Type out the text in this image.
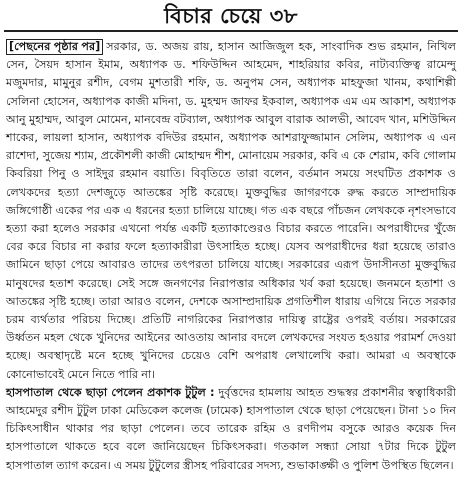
বিচার চেয়ে ৩৮

[পেছনের পৃষ্ঠার পর] সরকার, ড. অজয় রায়, হাসান আজিজুল হক, সাংবাদিক শুভ রহমান, নিখিল সেন, সৈয়দ হাসান ইমাম, অধ্যাপক ড. শফিউদ্দিন আহমেদ, শাহরিয়ার কবির, নাট্যব্যক্তিত্ব রামেন্দু মজুমদার, মামুনুর রশীদ, বেগম মুশতারী শফি, ড. অনুপম সেন, অধ্যাপক মাহফুজা খানম, কথাশিল্পী সেলিনা হোসেন, অধ্যাপক কাজী মদিনা, ড. মুহম্মদ জাফর ইকবাল, অধ্যাপক এম এম আকাশ, অধ্যাপক আনু মুহাম্মদ, আবুল মোমেন, মানবেন্দ্র বটব্যাল, অধ্যাপক আবুল বারাক আলভী, আবেদ খান, মশিউদ্দিন শাকের, লায়লা হাসান, অধ্যাপক বদিউর রহমান, অধ্যাপক আশরাফুজ্জামান সেলিম, অধ্যাপক এ এন রাশেদা, সুজেয় শ্যাম, প্রকৌশলী কাজী মোহাম্মদ শীশ, মোনায়েম সরকার, কবি এ কে শেরাম, কবি গোলাম কিবরিয়া পিনু ও সাইদুর রহমান বয়াতি। বিবৃতিতে তারা বলেন, বর্তমান সময়ে সংঘটিত প্রকাশক ও লেখকদের হত্যা দেশজুড়ে আতঙ্কের সৃষ্টি করেছে। মুক্তবুদ্ধির জাগরণকে রুদ্ধ করতে সাম্প্রদায়িক জঙ্গিগোষ্ঠী একের পর এক এ ধরনের হত্যা চালিয়ে যাচ্ছে। গত এক বছরে পাঁচজন লেখককে নৃশংসভাবে হত্যা করা হলেও সরকার এখনো পর্যন্ত একটি হত্যাকাণ্ডেরও বিচার করতে পারেনি। অপরাধীদের খুঁজে বের করে বিচার না করার ফলে হত্যাকারীরা উৎসাহিত হচ্ছে। যেসব অপরাধীদের ধরা হয়েছে তারাও জামিনে ছাড়া পেয়ে আবারও তাদের তৎপরতা চালিয়ে যাচ্ছে। সরকারের এরূপ উদাসীনতা মুক্তবুদ্ধির মানুষদের হতাশ করেছে। সেই সঙ্গে জনগণের নিরাপত্তার অধিকার খর্ব করা হয়েছে। জনমনে হতাশা ও আতঙ্কের সৃষ্টি হচ্ছে। তারা আরও বলেন, দেশকে অসাম্প্রদায়িক প্রগতিশীল ধারায় এগিয়ে নিতে সরকার চরম ব্যর্থতার পরিচয় দিচ্ছে। প্রতিটি নাগরিকের নিরাপত্তার দায়িত্ব রাষ্ট্রের ওপরই বর্তায়। সরকারের উর্ধ্বতন মহল থেকে খুনিদের আইনের আওতায় আনার বদলে লেখকদের সংযত হওয়ার পরামর্শ দেওয়া হচ্ছে। অবস্থাদৃষ্টে মনে হচ্ছে খুনিদের চেয়েও বেশি অপরাধ লেখালেখি করা। আমরা এ অবস্থাকে কোনোভাবেই মেনে নিতে পারি না।

হাসপাতাল থেকে ছাড়া পেলেন প্রকাশক টুটুল : দুর্বৃত্তদের হামলায় আহত শুদ্ধস্বর প্রকাশনীর স্বত্বাধিকারী আহমেদুর রশীদ টুটুল ঢাকা মেডিকেল কলেজ (ঢামেক) হাসপাতাল থেকে ছাড়া পেয়েছেন। টানা ১০ দিন চিকিৎসাধীন থাকার পর ছাড়া পেলেন। তবে তারেক রহিম ও রণদীপম বসুকে আরও কয়েক দিন হাসপাতালে থাকতে হবে বলে জানিয়েছেন চিকিৎসকরা। গতকাল সন্ধ্যা সোয়া ৭টার দিকে টুটুল হাসপাতাল ত্যাগ করেন। এ সময় টুটুলের স্ত্রীসহ পরিবারের সদস্য, শুভাকাঙ্ক্ষী ও পুলিশ উপস্থিত ছিলেন।
